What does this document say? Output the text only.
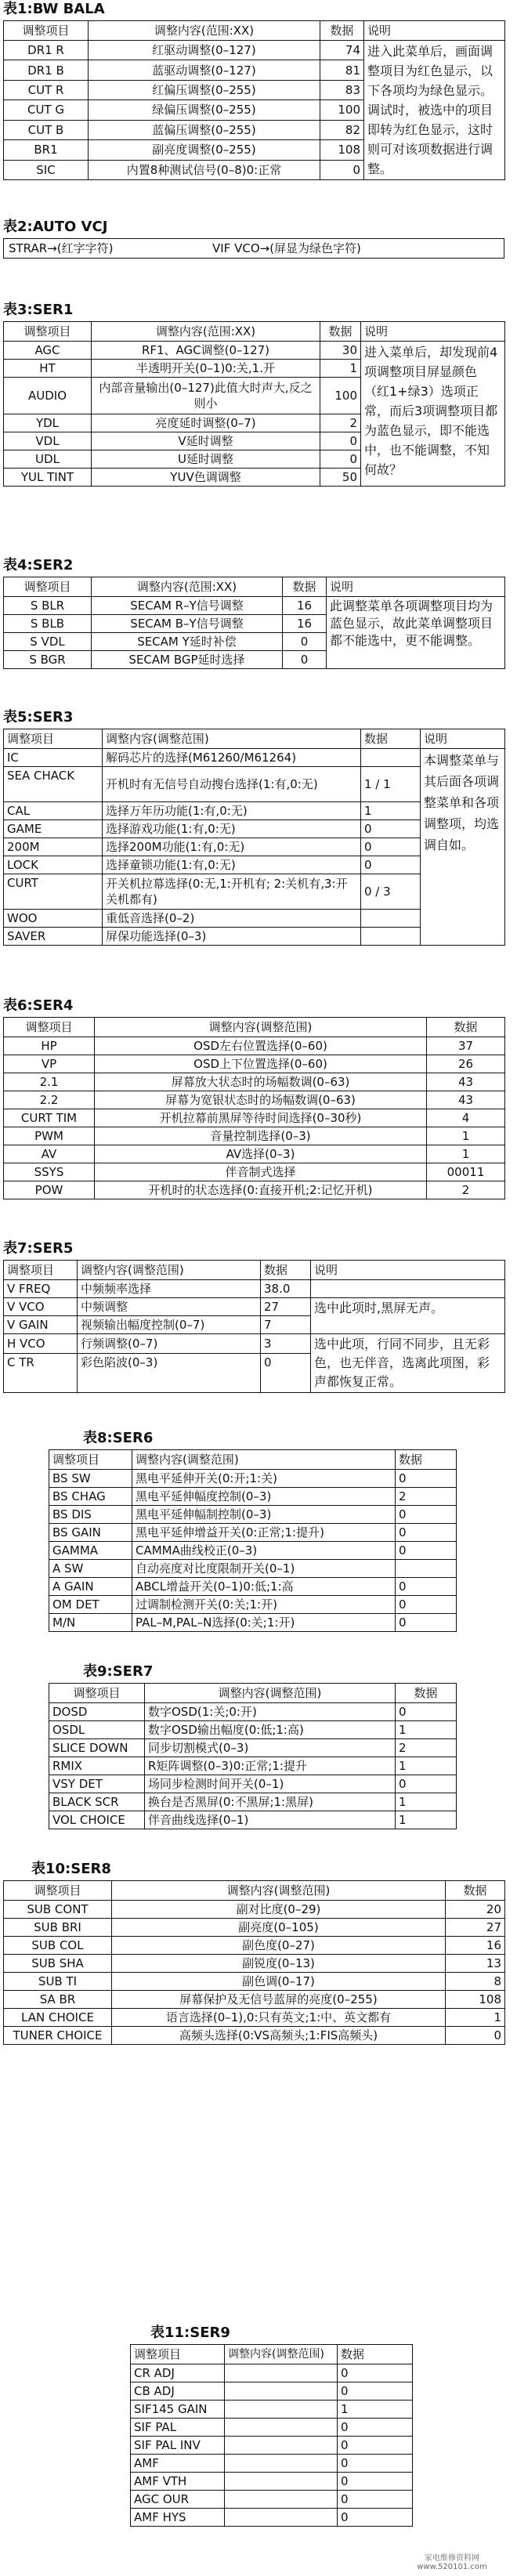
表1:BW BALA
调整项目	调整内容(范围:XX)	数据	说明
DR1 R	红驱动调整(0–127)	74	进入此菜单后，画面调整项目为红色显示，以下各项均为绿色显示。调试时，被选中的项目即转为红色显示，这时则可对该项数据进行调整。
DR1 B	蓝驱动调整(0–127)	81	
CUT R	红偏压调整(0–255)	83	
CUT G	绿偏压调整(0–255)	100	
CUT B	蓝偏压调整(0–255)	82	
BR1	副亮度调整(0–255)	108	
SIC	内置8种测试信号(0–8)0:正常	0	
表2:AUTO VCJ
STRAR→(红字字符)	VIF VCO→(屏显为绿色字符)
表3:SER1
调整项目	调整内容(范围:XX)	数据	说明
AGC	RF1、AGC调整(0–127)	30	进入菜单后，却发现前4项调整项目屏显颜色（红1+绿3）选项正常，而后3项调整项目都为蓝色显示，即不能选中，也不能调整，不知何故？
HT	半透明开关(0–1)0:关,1.开	1	
AUDIO	内部音量输出(0–127)此值大时声大,反之则小	100	
YDL	亮度延时调整(0–7)	2	
VDL	V延时调整	0	
UDL	U延时调整	0	
YUL TINT	YUV色调调整	50	
表4:SER2
调整项目	调整内容(范围:XX)	数据	说明
S BLR	SECAM R–Y信号调整	16	此调整菜单各项调整项目均为蓝色显示，故此菜单调整项目都不能选中，更不能调整。
S BLB	SECAM B–Y信号调整	16	
S VDL	SECAM Y延时补偿	0	
S BGR	SECAM BGP延时选择	0	
表5:SER3
调整项目	调整内容(调整范围)	数据	说明
IC	解码芯片的选择(M61260/M61264)		本调整菜单与其后面各项调整菜单和各项调整项，均选调自如。
SEA CHACK	开机时有无信号自动搜台选择(1:有,0:无)	1 / 1	
CAL	选择万年历功能(1:有,0:无)	1	
GAME	选择游戏功能(1:有,0:无)	0	
200M	选择200M功能(1:有,0:无)	0	
LOCK	选择童锁功能(1:有,0:无)	0	
CURT	开关机拉幕选择(0:无,1:开机有; 2:关机有,3:开关机都有)	0 / 3	
WOO	重低音选择(0–2)		
SAVER	屏保功能选择(0–3)		
表6:SER4
调整项目	调整内容(调整范围)	数据
HP	OSD左右位置选择(0–60)	37
VP	OSD上下位置选择(0–60)	26
2.1	屏幕放大状态时的场幅数调(0–63)	43
2.2	屏幕为宽银状态时的场幅数调(0–63)	43
CURT TIM	开机拉幕前黑屏等待时间选择(0–30秒)	4
PWM	音量控制选择(0–3)	1
AV	AV选择(0–3)	1
SSYS	伴音制式选择	00011
POW	开机时的状态选择(0:直接开机;2:记忆开机)	2
表7:SER5
调整项目	调整内容(调整范围)	数据	说明
V FREQ	中频频率选择	38.0	
V VCO	中频调整	27	选中此项时,黑屏无声。
V GAIN	视频输出幅度控制(0–7)	7	
H VCO	行频调整(0–7)	3	选中此项，行同不同步，且无彩色，也无伴音，选离此项图，彩声都恢复正常。
C TR	彩色陷波(0–3)	0	
表8:SER6
调整项目	调整内容(调整范围)	数据
BS SW	黑电平延伸开关(0:开;1:关)	0
BS CHAG	黑电平延伸幅度控制(0–3)	2
BS DIS	黑电平延伸幅制控制(0–3)	0
BS GAIN	黑电平延伸增益开关(0:正常;1:提升)	0
GAMMA	CAMMA曲线校正(0–3)	0
A SW	自动亮度对比度限制开关(0–1)	
A GAIN	ABCL增益开关(0–1)0:低;1:高	0
OM DET	过调制检测开关(0:关;1:开)	0
M/N	PAL–M,PAL–N选择(0:关;1:开)	0
表9:SER7
调整项目	调整内容(调整范围)	数据
DOSD	数字OSD(1:关;0:开)	0
OSDL	数字OSD输出幅度(0:低;1:高)	1
SLICE DOWN	同步切割模式(0–3)	2
RMIX	R矩阵调整(0–3)0:正常;1:提升	1
VSY DET	场同步检测时间开关(0–1)	0
BLACK SCR	换台是否黑屏(0:不黑屏;1:黑屏)	1
VOL CHOICE	伴音曲线选择(0–1)	1
表10:SER8
调整项目	调整内容(调整范围)	数据
SUB CONT	副对比度(0–29)	20
SUB BRI	副亮度(0–105)	27
SUB COL	副色度(0–27)	16
SUB SHA	副锐度(0–13)	13
SUB TI	副色调(0–17)	8
SA BR	屏幕保护及无信号蓝屏的亮度(0–255)	108
LAN CHOICE	语言选择(0–1),0:只有英文;1:中、英文都有	1
TUNER CHOICE	高频头选择(0:VS高频头;1:FIS高频头)	0
表11:SER9
调整项目	调整内容(调整范围)	数据
CR ADJ		0
CB ADJ		0
SIF145 GAIN		1
SIF PAL		0
SIF PAL INV		0
AMF		0
AMF VTH		0
AGC OUR		0
AMF HYS		0
家电维修资料网 www.520101.com
